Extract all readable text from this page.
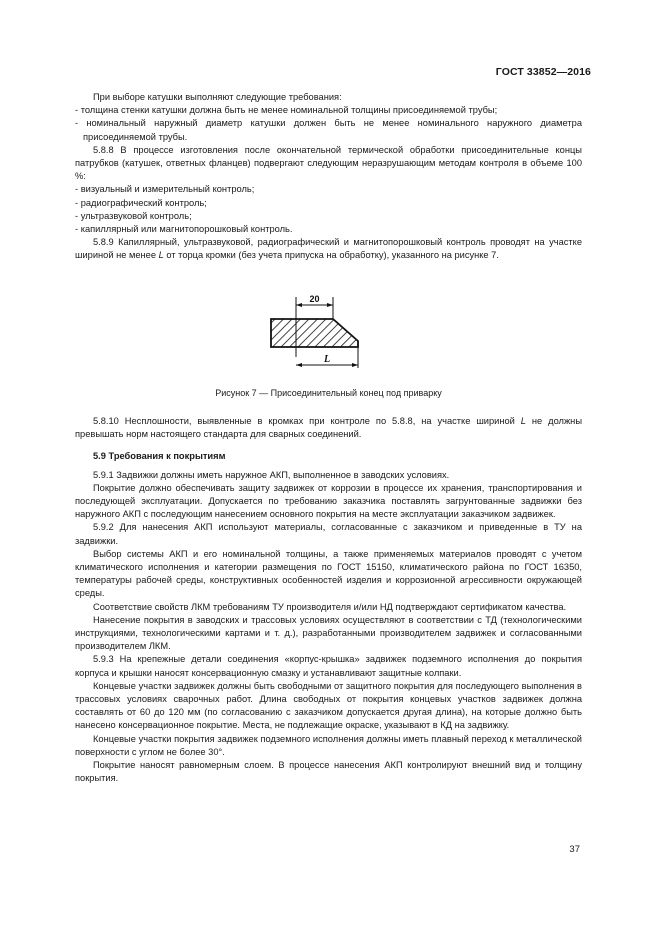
ГОСТ 33852—2016

При выборе катушки выполняют следующие требования:

- толщина стенки катушки должна быть не менее номинальной толщины присоединяемой трубы;

- номинальный наружный диаметр катушки должен быть не менее номинального наружного диаметра присоединяемой трубы.

5.8.8 В процессе изготовления после окончательной термической обработки присоединительные концы патрубков (катушек, ответных фланцев) подвергают следующим неразрушающим методам контроля в объеме 100 %:

- визуальный и измерительный контроль;

- радиографический контроль;

- ультразвуковой контроль;

- капиллярный или магнитопорошковый контроль.

5.8.9 Капиллярный, ультразвуковой, радиографический и магнитопорошковый контроль проводят на участке шириной не менее L от торца кромки (без учета припуска на обработку), указанного на рисунке 7.

20
L
Рисунок 7 — Присоединительный конец под приварку

5.8.10 Несплошности, выявленные в кромках при контроле по 5.8.8, на участке шириной L не должны превышать норм настоящего стандарта для сварных соединений.

5.9 Требования к покрытиям

5.9.1 Задвижки должны иметь наружное АКП, выполненное в заводских условиях.

Покрытие должно обеспечивать защиту задвижек от коррозии в процессе их хранения, транспортирования и последующей эксплуатации. Допускается по требованию заказчика поставлять загрунтованные задвижки без наружного АКП с последующим нанесением основного покрытия на месте эксплуатации заказчиком задвижек.

5.9.2 Для нанесения АКП используют материалы, согласованные с заказчиком и приведенные в ТУ на задвижки.

Выбор системы АКП и его номинальной толщины, а также применяемых материалов проводят с учетом климатического исполнения и категории размещения по ГОСТ 15150, климатического района по ГОСТ 16350, температуры рабочей среды, конструктивных особенностей изделия и коррозионной агрессивности окружающей среды.

Соответствие свойств ЛКМ требованиям ТУ производителя и/или НД подтверждают сертификатом качества.

Нанесение покрытия в заводских и трассовых условиях осуществляют в соответствии с ТД (технологическими инструкциями, технологическими картами и т. д.), разработанными производителем задвижек и согласованными производителем ЛКМ.

5.9.3 На крепежные детали соединения «корпус-крышка» задвижек подземного исполнения до покрытия корпуса и крышки наносят консервационную смазку и устанавливают защитные колпаки.

Концевые участки задвижек должны быть свободными от защитного покрытия для последующего выполнения в трассовых условиях сварочных работ. Длина свободных от покрытия концевых участков задвижек должна составлять от 60 до 120 мм (по согласованию с заказчиком допускается другая длина), на которые должно быть нанесено консервационное покрытие. Места, не подлежащие окраске, указывают в КД на задвижку.

Концевые участки покрытия задвижек подземного исполнения должны иметь плавный переход к металлической поверхности с углом не более 30°.

Покрытие наносят равномерным слоем. В процессе нанесения АКП контролируют внешний вид и толщину покрытия.

37
